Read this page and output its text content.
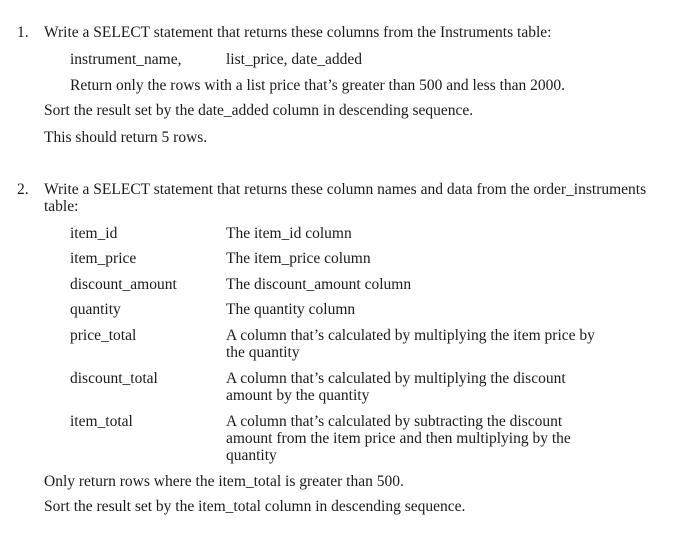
1. Write a SELECT statement that returns these columns from the Instruments table:
instrument_name,	list_price, date_added
Return only the rows with a list price that’s greater than 500 and less than 2000.
Sort the result set by the date_added column in descending sequence.
This should return 5 rows.
2. Write a SELECT statement that returns these column names and data from the order_instruments
table:
item_id	The item_id column
item_price	The item_price column
discount_amount	The discount_amount column
quantity	The quantity column
price_total	A column that’s calculated by multiplying the item price by the quantity
discount_total	A column that’s calculated by multiplying the discount amount by the quantity
item_total	A column that’s calculated by subtracting the discount amount from the item price and then multiplying by the quantity
Only return rows where the item_total is greater than 500.
Sort the result set by the item_total column in descending sequence.
